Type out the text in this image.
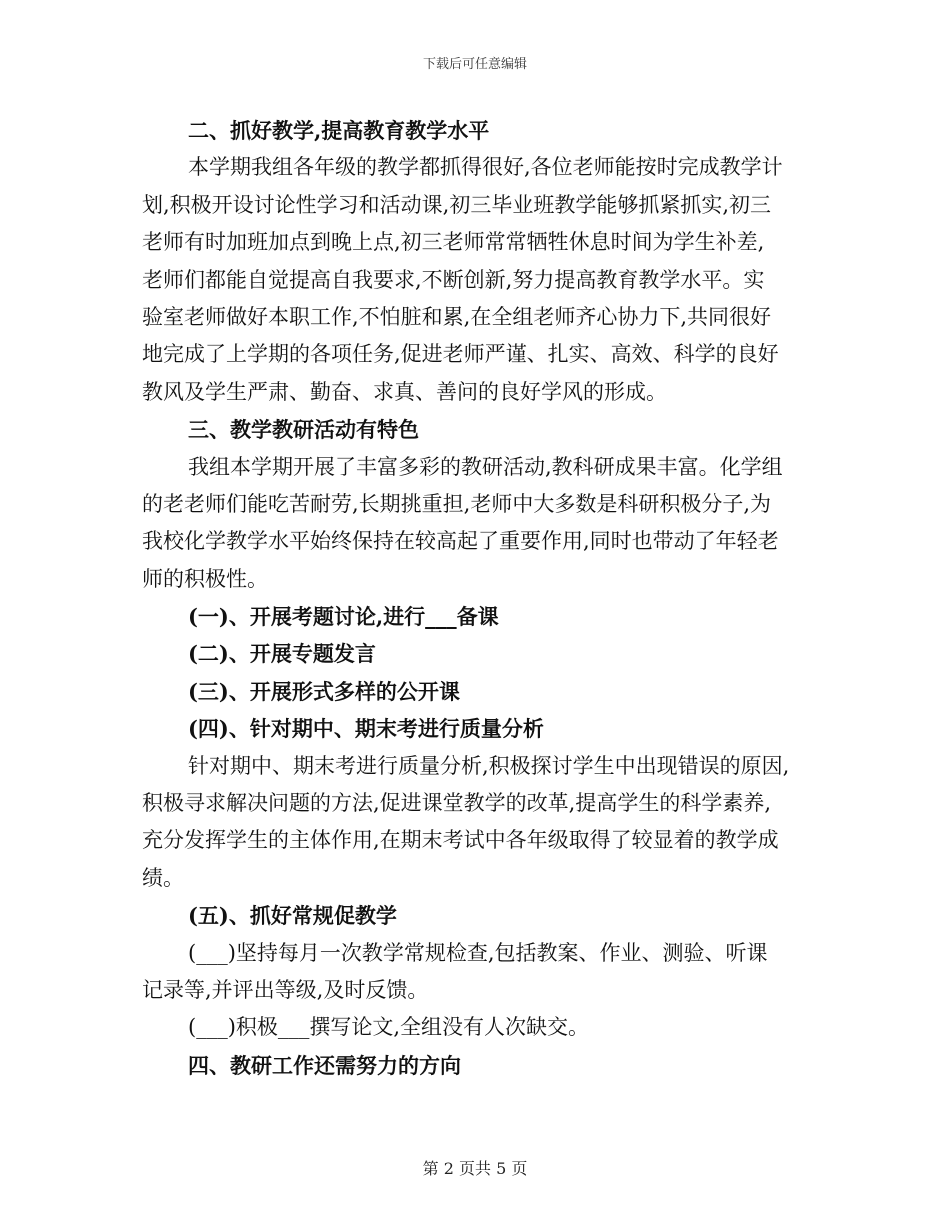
下载后可任意编辑
二、抓好教学,提高教育教学水平
本学期我组各年级的教学都抓得很好,各位老师能按时完成教学计
划,积极开设讨论性学习和活动课,初三毕业班教学能够抓紧抓实,初三
老师有时加班加点到晚上点,初三老师常常牺牲休息时间为学生补差,
老师们都能自觉提高自我要求,不断创新,努力提高教育教学水平。实
验室老师做好本职工作,不怕脏和累,在全组老师齐心协力下,共同很好
地完成了上学期的各项任务,促进老师严谨、扎实、高效、科学的良好
教风及学生严肃、勤奋、求真、善问的良好学风的形成。
三、教学教研活动有特色
我组本学期开展了丰富多彩的教研活动,教科研成果丰富。化学组
的老老师们能吃苦耐劳,长期挑重担,老师中大多数是科研积极分子,为
我校化学教学水平始终保持在较高起了重要作用,同时也带动了年轻老
师的积极性。
(一)、开展考题讨论,进行___备课
(二)、开展专题发言
(三)、开展形式多样的公开课
(四)、针对期中、期末考进行质量分析
针对期中、期末考进行质量分析,积极探讨学生中出现错误的原因,
积极寻求解决问题的方法,促进课堂教学的改革,提高学生的科学素养,
充分发挥学生的主体作用,在期末考试中各年级取得了较显着的教学成
绩。
(五)、抓好常规促教学
(___)坚持每月一次教学常规检查,包括教案、作业、测验、听课
记录等,并评出等级,及时反馈。
(___)积极___撰写论文,全组没有人次缺交。
四、教研工作还需努力的方向
第 2 页共 5 页
